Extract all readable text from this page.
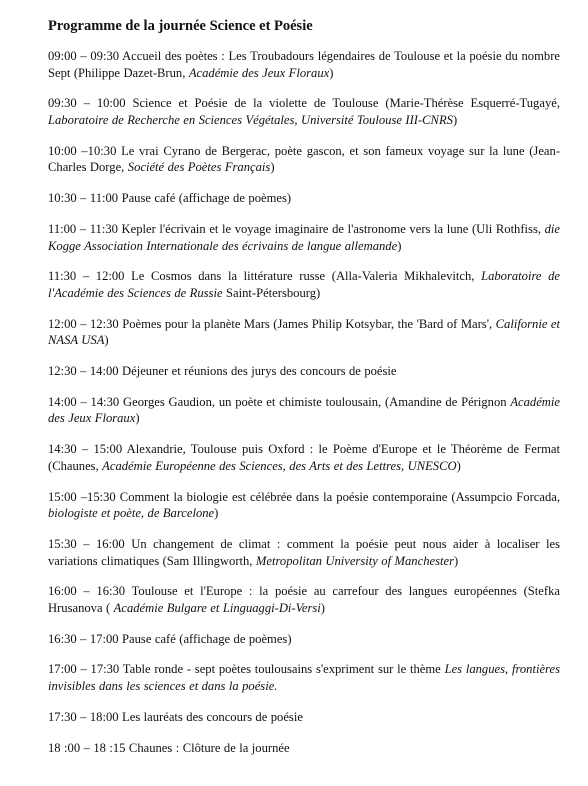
Programme de la journée Science et Poésie
09:00 – 09:30 Accueil des poètes : Les Troubadours légendaires de Toulouse et la poésie du nombre Sept (Philippe Dazet-Brun, Académie des Jeux Floraux)
09:30 – 10:00 Science et Poésie de la violette de Toulouse (Marie-Thérèse Esquerré-Tugayé, Laboratoire de Recherche en Sciences Végétales, Université Toulouse III-CNRS)
10:00 –10:30 Le vrai Cyrano de Bergerac, poète gascon, et son fameux voyage sur la lune (Jean-Charles Dorge, Société des Poètes Français)
10:30 – 11:00 Pause café (affichage de poèmes)
11:00 – 11:30 Kepler l'écrivain et le voyage imaginaire de l'astronome vers la lune (Uli Rothfiss, die Kogge Association Internationale des écrivains de langue allemande)
11:30 – 12:00 Le Cosmos dans la littérature russe (Alla-Valeria Mikhalevitch, Laboratoire de l'Académie des Sciences de Russie Saint-Pétersbourg)
12:00 – 12:30 Poèmes pour la planète Mars (James Philip Kotsybar, the 'Bard of Mars', Californie et NASA USA)
12:30 – 14:00 Déjeuner et réunions des jurys des concours de poésie
14:00 – 14:30 Georges Gaudion, un poète et chimiste toulousain, (Amandine de Pérignon Académie des Jeux Floraux)
14:30 – 15:00 Alexandrie, Toulouse puis Oxford : le Poème d'Europe et le Théorème de Fermat (Chaunes, Académie Européenne des Sciences, des Arts et des Lettres, UNESCO)
15:00 –15:30 Comment la biologie est célébrée dans la poésie contemporaine (Assumpcio Forcada, biologiste et poète, de Barcelone)
15:30 – 16:00 Un changement de climat : comment la poésie peut nous aider à localiser les variations climatiques (Sam Illingworth, Metropolitan University of Manchester)
16:00 – 16:30 Toulouse et l'Europe : la poésie au carrefour des langues européennes (Stefka Hrusanova ( Académie Bulgare et Linguaggi-Di-Versi)
16:30 – 17:00 Pause café (affichage de poèmes)
17:00 – 17:30 Table ronde - sept poètes toulousains s'expriment sur le thème Les langues, frontières invisibles dans les sciences et dans la poésie.
17:30 – 18:00 Les lauréats des concours de poésie
18 :00 – 18 :15 Chaunes : Clôture de la journée
